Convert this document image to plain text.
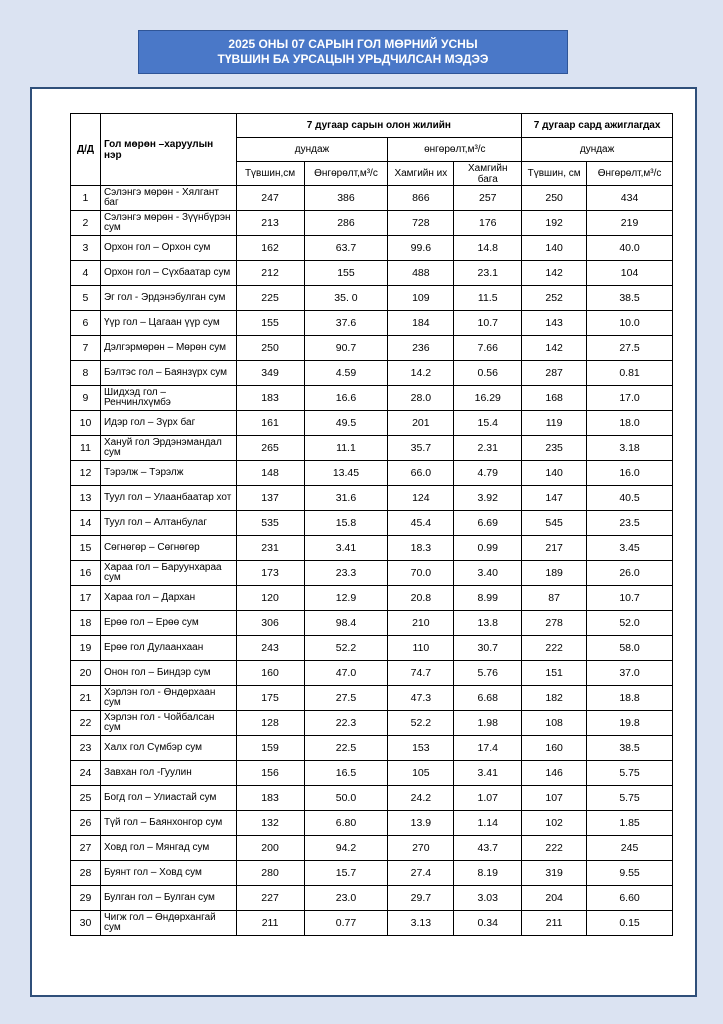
2025 ОНЫ 07 САРЫН ГОЛ МӨРНИЙ УСНЫ
ТҮВШИН БА УРСАЦЫН УРЬДЧИЛСАН МЭДЭЭ
Д/Д	Гол мөрөн –харуулын нэр	7 дугаар сарын олон жилийн				7 дугаар сард ажиглагдах	
		дундаж		өнгөрөлт,м³/с		дундаж	
		Түвшин,см	Өнгөрөлт,м³/с	Хамгийн их	Хамгийн бага	Түвшин, см	Өнгөрөлт,м³/с
1	Сэлэнгэ мөрөн - Хялгант баг	247	386	866	257	250	434
2	Сэлэнгэ мөрөн - Зүүнбүрэн сум	213	286	728	176	192	219
3	Орхон гол – Орхон сум	162	63.7	99.6	14.8	140	40.0
4	Орхон гол – Сүхбаатар сум	212	155	488	23.1	142	104
5	Эг гол - Эрдэнэбулган сум	225	35. 0	109	11.5	252	38.5
6	Үүр гол – Цагаан үүр сум	155	37.6	184	10.7	143	10.0
7	Дэлгэрмөрөн – Мөрөн сум	250	90.7	236	7.66	142	27.5
8	Бэлтэс гол – Баянзүрх сум	349	4.59	14.2	0.56	287	0.81
9	Шидхэд гол – Ренчинлхүмбэ	183	16.6	28.0	16.29	168	17.0
10	Идэр гол – Зүрх баг	161	49.5	201	15.4	119	18.0
11	Хануй гол Эрдэнэмандал сум	265	11.1	35.7	2.31	235	3.18
12	Тэрэлж – Тэрэлж	148	13.45	66.0	4.79	140	16.0
13	Туул гол – Улаанбаатар хот	137	31.6	124	3.92	147	40.5
14	Туул гол – Алтанбулаг	535	15.8	45.4	6.69	545	23.5
15	Сөгнөгөр – Сөгнөгөр	231	3.41	18.3	0.99	217	3.45
16	Хараа гол – Баруунхараа сум	173	23.3	70.0	3.40	189	26.0
17	Хараа гол – Дархан	120	12.9	20.8	8.99	87	10.7
18	Ерөө гол – Ерөө сум	306	98.4	210	13.8	278	52.0
19	Ерөө гол Дулаанхаан	243	52.2	110	30.7	222	58.0
20	Онон гол – Биндэр сум	160	47.0	74.7	5.76	151	37.0
21	Хэрлэн гол - Өндөрхаан сум	175	27.5	47.3	6.68	182	18.8
22	Хэрлэн гол - Чойбалсан сум	128	22.3	52.2	1.98	108	19.8
23	Халх гол Сүмбэр сум	159	22.5	153	17.4	160	38.5
24	Завхан гол -Гуулин	156	16.5	105	3.41	146	5.75
25	Богд гол – Улиастай сум	183	50.0	24.2	1.07	107	5.75
26	Түй гол – Баянхонгор сум	132	6.80	13.9	1.14	102	1.85
27	Ховд гол – Мянгад сум	200	94.2	270	43.7	222	245
28	Буянт гол – Ховд сум	280	15.7	27.4	8.19	319	9.55
29	Булган гол – Булган сум	227	23.0	29.7	3.03	204	6.60
30	Чигж гол – Өндөрхангай сум	211	0.77	3.13	0.34	211	0.15
